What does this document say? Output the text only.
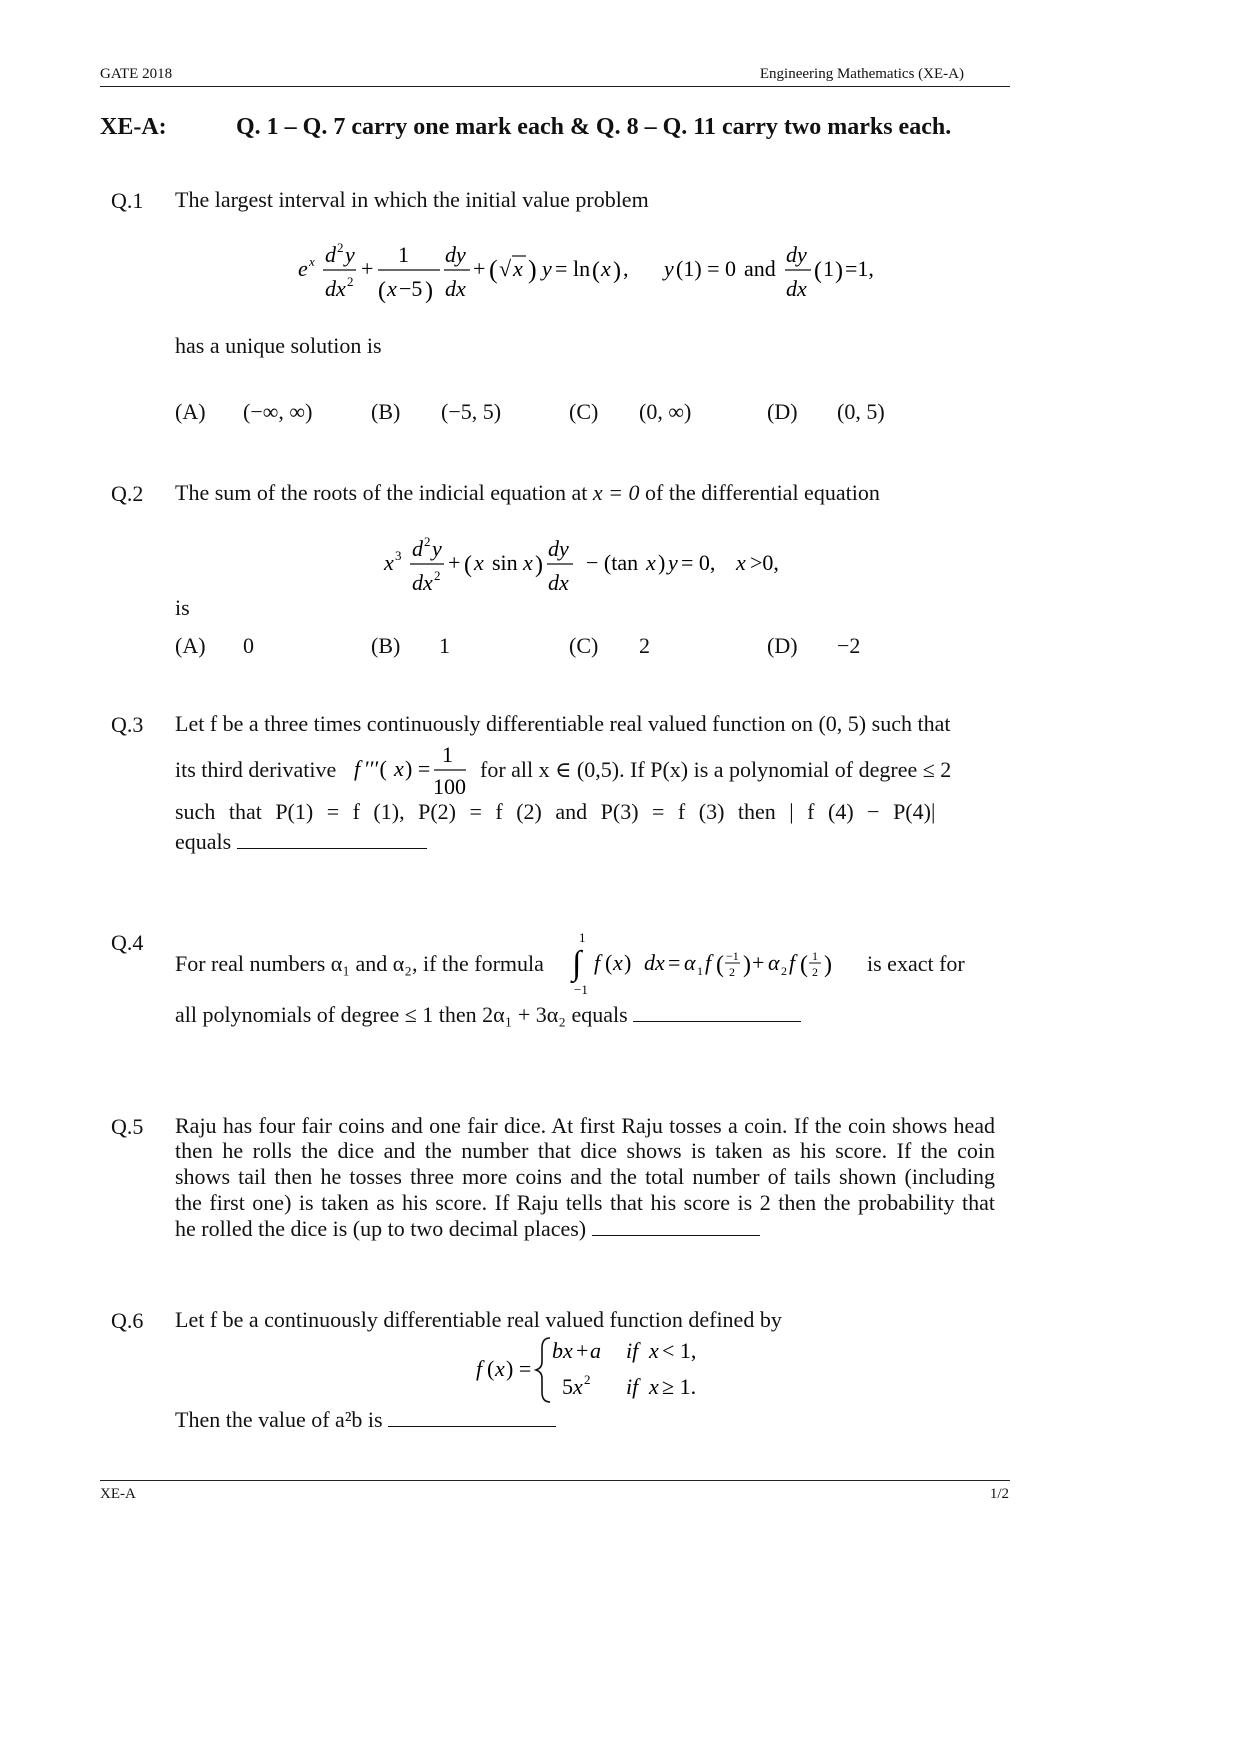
GATE 2018	Engineering Mathematics (XE-A)
XE-A:	Q. 1 – Q. 7 carry one mark each & Q. 8 – Q. 11 carry two marks each.
Q.1 The largest interval in which the initial value problem
e x d 2 y
dx 2
+
1
( x −5 )
dy
dx
+ ( √ x ) y = ln ( x ) , y (1) = 0 and
dy
dx
( 1 ) =1,
has a unique solution is
(A) (−∞, ∞)	(B) (−5, 5)	(C) (0, ∞)	(D) (0, 5)
Q.2 The sum of the roots of the indicial equation at x = 0 of the differential equation
x 3 d 2 y
dx 2
+ ( x sin x )
dy
dx
− (tan x ) y = 0, x >0,
is
(A) 0	(B) 1	(C) 2	(D) −2
Q.3 Let f be a three times continuously differentiable real valued function on (0, 5) such that
its third derivative f ′′′( x ) =
1
100
for all x ∈ (0,5). If P(x) is a polynomial of degree ≤ 2
such that P(1) = f (1), P(2) = f (2) and P(3) = f (3) then | f (4) − P(4)|
equals
Q.4
For real numbers α₁ and α₂, if the formula
1
∫
−1
f ( x ) dx = α 1 f ( −1
2 ) + α 2 f ( 1
2 ) is exact for
all polynomials of degree ≤ 1 then 2α₁ + 3α₂ equals
Q.5 Raju has four fair coins and one fair dice. At first Raju tosses a coin. If the coin shows head
then he rolls the dice and the number that dice shows is taken as his score. If the coin
shows tail then he tosses three more coins and the total number of tails shown (including
the first one) is taken as his score. If Raju tells that his score is 2 then the probability that
he rolled the dice is (up to two decimal places)
Q.6 Let f be a continuously differentiable real valued function defined by
f ( x ) =
bx + a if x < 1,
5 x 2 if x ≥ 1.
Then the value of a²b is
XE-A	1/2
